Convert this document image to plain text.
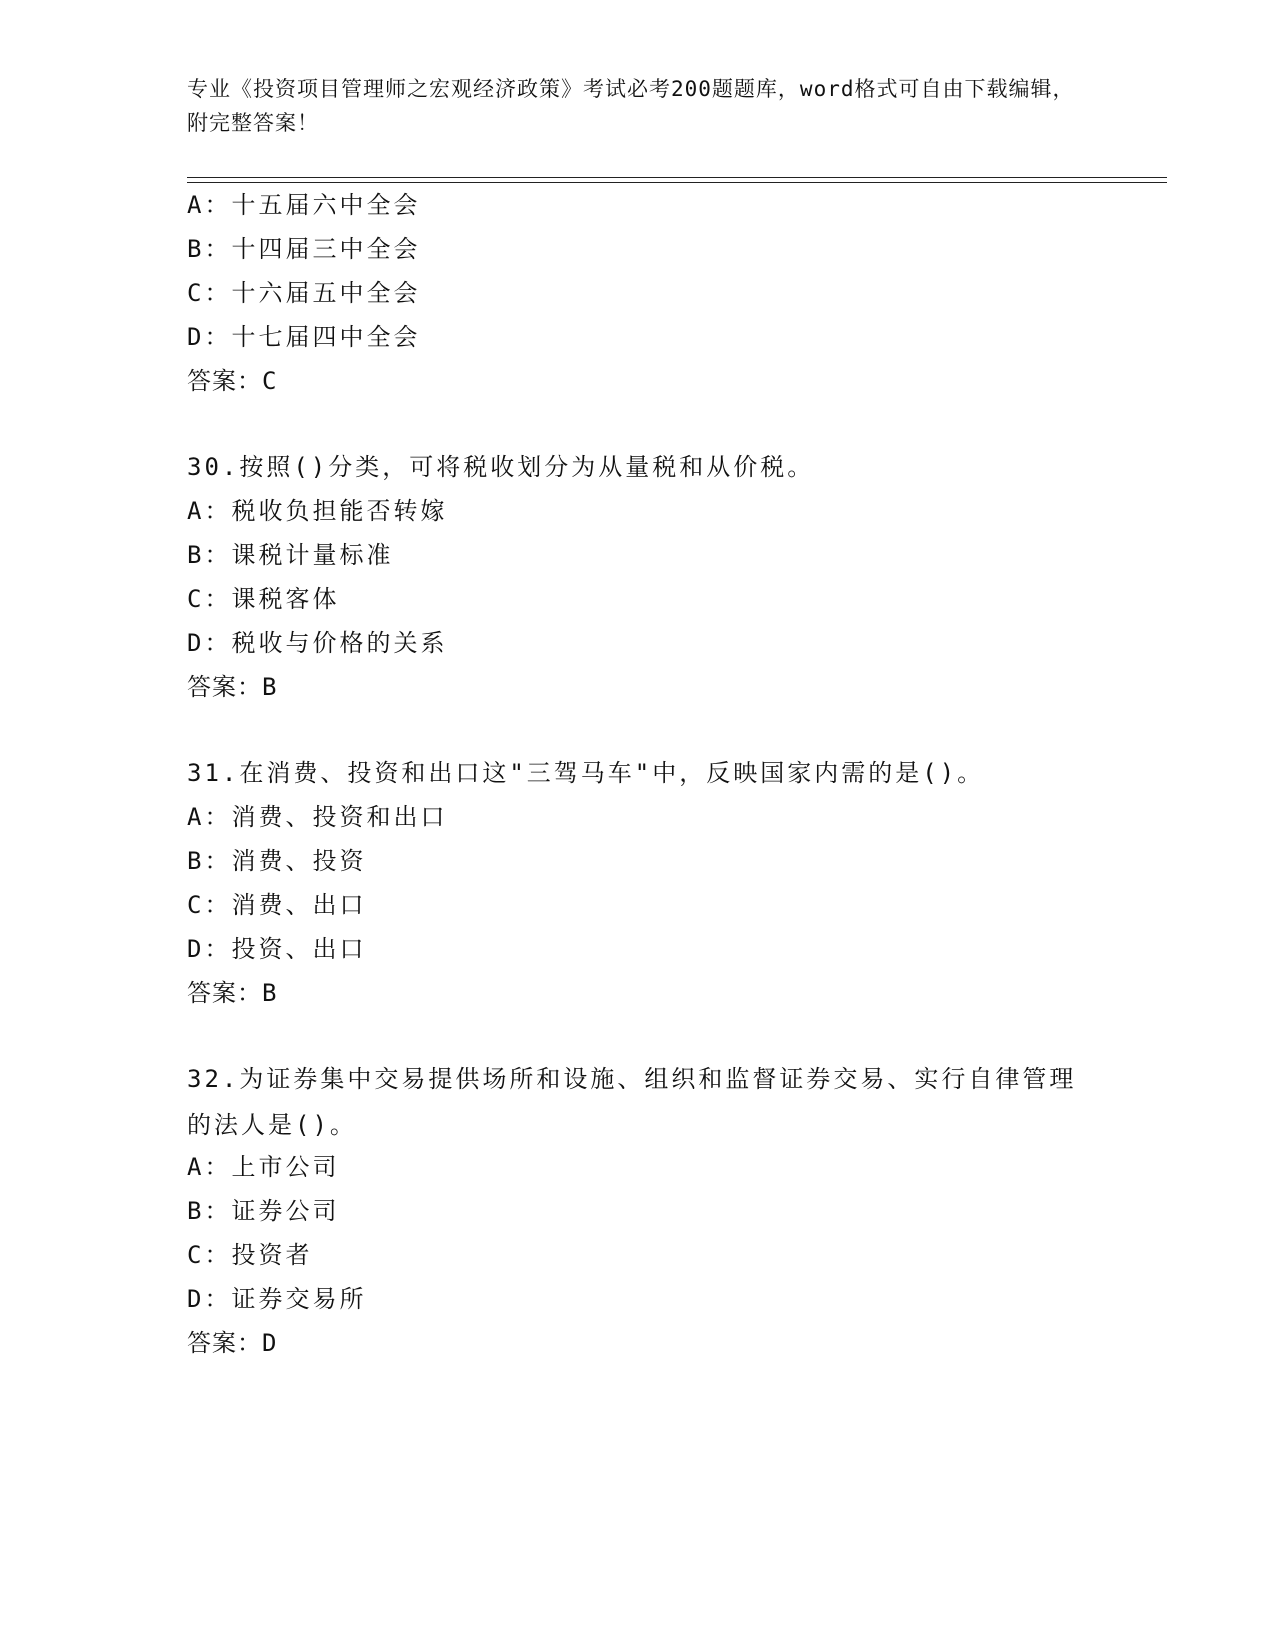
专业《投资项目管理师之宏观经济政策》考试必考200题题库，word格式可自由下载编辑，附完整答案！
A：十五届六中全会
B：十四届三中全会
C：十六届五中全会
D：十七届四中全会
答案：C
30.按照()分类，可将税收划分为从量税和从价税。
A：税收负担能否转嫁
B：课税计量标准
C：课税客体
D：税收与价格的关系
答案：B
31.在消费、投资和出口这"三驾马车"中，反映国家内需的是()。
A：消费、投资和出口
B：消费、投资
C：消费、出口
D：投资、出口
答案：B
32.为证券集中交易提供场所和设施、组织和监督证券交易、实行自律管理的法人是()。
A：上市公司
B：证券公司
C：投资者
D：证券交易所
答案：D
